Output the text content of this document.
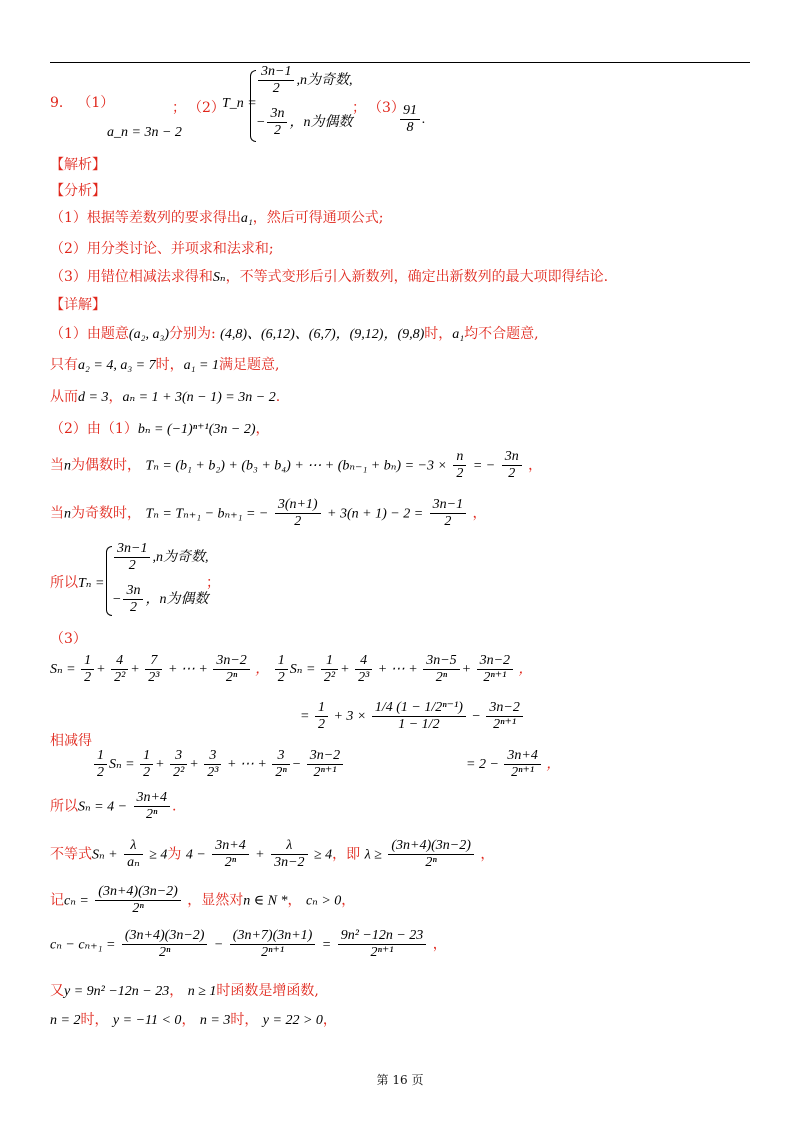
9． （1）
a_n = 3n − 2
； （2）
T_n =
$\frac{3n-1}{2} ,n$为奇数,
− $\frac{3n}{2}$ ，n为偶数
； （3）
$\frac{91}{8}$ .
【解析】
【分析】
（1）根据等差数列的要求得出a₁，然后可得通项公式;
（2）用分类讨论、并项求和法求和;
（3）用错位相减法求得和Sₙ，不等式变形后引入新数列，确定出新数列的最大项即得结论.
【详解】
（1）由题意(a₂, a₃)分别为: (4,8)、(6,12)、(6,7)，(9,12)，(9,8)时，a₁均不合题意,
只有a₂ = 4, a₃ = 7时，a₁ = 1满足题意,
从而d = 3，aₙ = 1 + 3(n − 1) = 3n − 2.
（2）由（1）bₙ = (−1)ⁿ⁺¹(3n − 2)，
当n为偶数时， Tₙ = (b₁ + b₂) + (b₃ + b₄) + ⋯ + $(b_{n-1} + b_n) = -3 \times \frac{n}{2}$ = − $\frac{3n}{2}$ ，
当n为奇数时， Tₙ = Tₙ₊₁ − bₙ₊₁ = − $\frac{3(n+1)}{2} + 3(n + 1) - 2 = \frac{3n-1}{2}$ ，
所以Tₙ =
$\frac{3n-1}{2} ,n$为奇数,
− $\frac{3n}{2}$ ，n为偶数
；
（3）
$S_n = \frac{1}{2} + \frac{4}{\text{2²}} + \frac{7}{\text{2³}}$ + ⋯ + $\frac{3n-2}{\text{2ⁿ}}$ ， $\frac{1}{2}$ $S_n = \frac{1}{\text{2²}} + \frac{4}{\text{2³}}$ + ⋯ + $\frac{3n-5}{\text{2ⁿ}} + \frac{3n-2}{\text{2ⁿ⁺¹}}$ ，
相减得
$\frac{1}{2}$ $S_n = \frac{1}{2} + \frac{3}{\text{2²}} + \frac{3}{\text{2³}}$ + ⋯ + $\frac{3}{\text{2ⁿ}} - \frac{3n-2}{\text{2ⁿ⁺¹}}$
= $\frac{1}{2} + 3 \times \frac{\text{1/4 (1 − 1/2ⁿ⁻¹)}}{1 - 1/2} - \frac{3n-2}{\text{2ⁿ⁺¹}}$
= $2 - \frac{3n+4}{\text{2ⁿ⁺¹}}$ ，
所以$S_n = 4 - \frac{3n+4}{\text{2ⁿ}}$ .
不等式$S_n + \frac{\lambda}{\text{aₙ}} \ge 4$为 $4 - \frac{3n+4}{\text{2ⁿ}} + \frac{\lambda}{3n-2} \ge 4$，即 $\lambda \ge \frac{(3n+4)(3n-2)}{\text{2ⁿ}}$ ，
记$c_n = \frac{(3n+4)(3n-2)}{\text{2ⁿ}}$ ，显然对n ∈ N *， cₙ > 0，
$c_n - c_{n+1} = \frac{(3n+4)(3n-2)}{\text{2ⁿ}} - \frac{(3n+7)(3n+1)}{\text{2ⁿ⁺¹}} = \frac{\text{9n² −12n − 23}}{\text{2ⁿ⁺¹}}$ ，
又y = 9n² −12n − 23， n ≥ 1时函数是增函数,
n = 2时， y = −11 < 0， n = 3时， y = 22 > 0，
第 16 页
